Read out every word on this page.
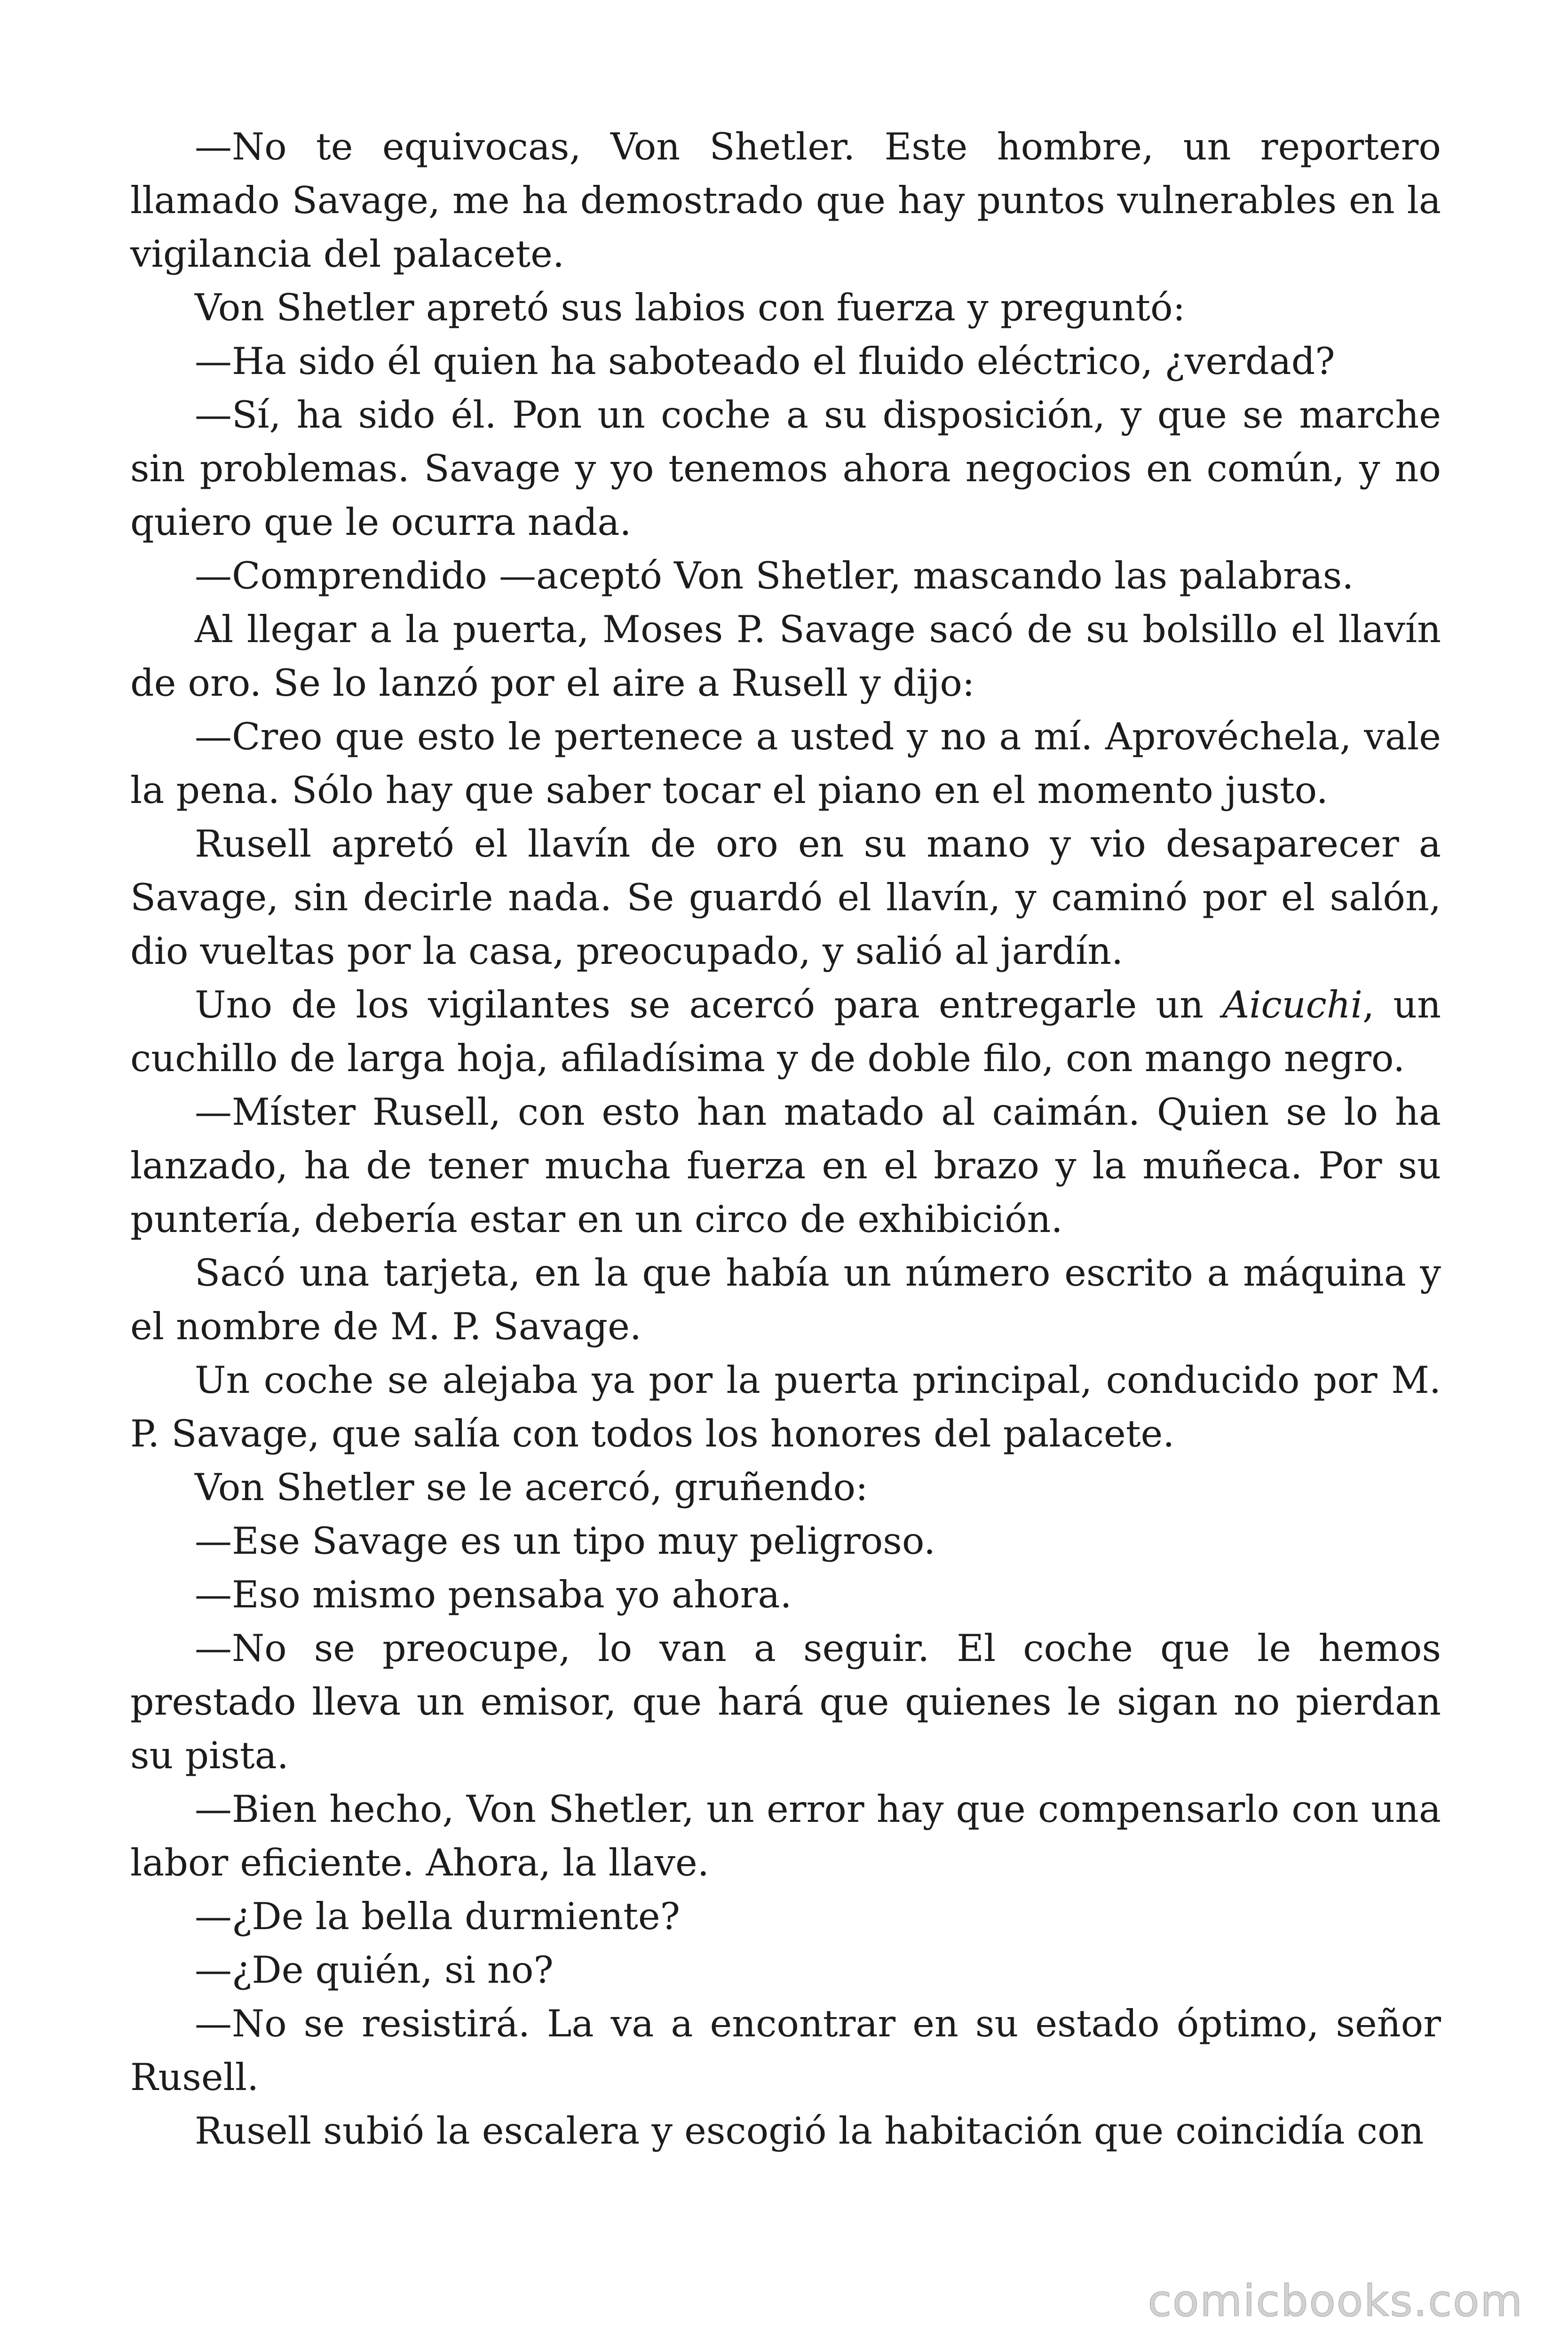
—No te equivocas, Von Shetler. Este hombre, un reportero llamado Savage, me ha demostrado que hay puntos vulnerables en la vigilancia del palacete.

Von Shetler apretó sus labios con fuerza y preguntó:

—Ha sido él quien ha saboteado el fluido eléctrico, ¿verdad?

—Sí, ha sido él. Pon un coche a su disposición, y que se marche sin problemas. Savage y yo tenemos ahora negocios en común, y no quiero que le ocurra nada.

—Comprendido —aceptó Von Shetler, mascando las palabras.

Al llegar a la puerta, Moses P. Savage sacó de su bolsillo el llavín de oro. Se lo lanzó por el aire a Rusell y dijo:

—Creo que esto le pertenece a usted y no a mí. Aprovéchela, vale la pena. Sólo hay que saber tocar el piano en el momento justo.

Rusell apretó el llavín de oro en su mano y vio desaparecer a Savage, sin decirle nada. Se guardó el llavín, y caminó por el salón, dio vueltas por la casa, preocupado, y salió al jardín.

Uno de los vigilantes se acercó para entregarle un Aicuchi, un cuchillo de larga hoja, afiladísima y de doble filo, con mango negro.

—Míster Rusell, con esto han matado al caimán. Quien se lo ha lanzado, ha de tener mucha fuerza en el brazo y la muñeca. Por su puntería, debería estar en un circo de exhibición.

Sacó una tarjeta, en la que había un número escrito a máquina y el nombre de M. P. Savage.

Un coche se alejaba ya por la puerta principal, conducido por M. P. Savage, que salía con todos los honores del palacete.

Von Shetler se le acercó, gruñendo:

—Ese Savage es un tipo muy peligroso.

—Eso mismo pensaba yo ahora.

—No se preocupe, lo van a seguir. El coche que le hemos prestado lleva un emisor, que hará que quienes le sigan no pierdan su pista.

—Bien hecho, Von Shetler, un error hay que compensarlo con una labor eficiente. Ahora, la llave.

—¿De la bella durmiente?

—¿De quién, si no?

—No se resistirá. La va a encontrar en su estado óptimo, señor Rusell.

Rusell subió la escalera y escogió la habitación que coincidía con

comicbooks.com
